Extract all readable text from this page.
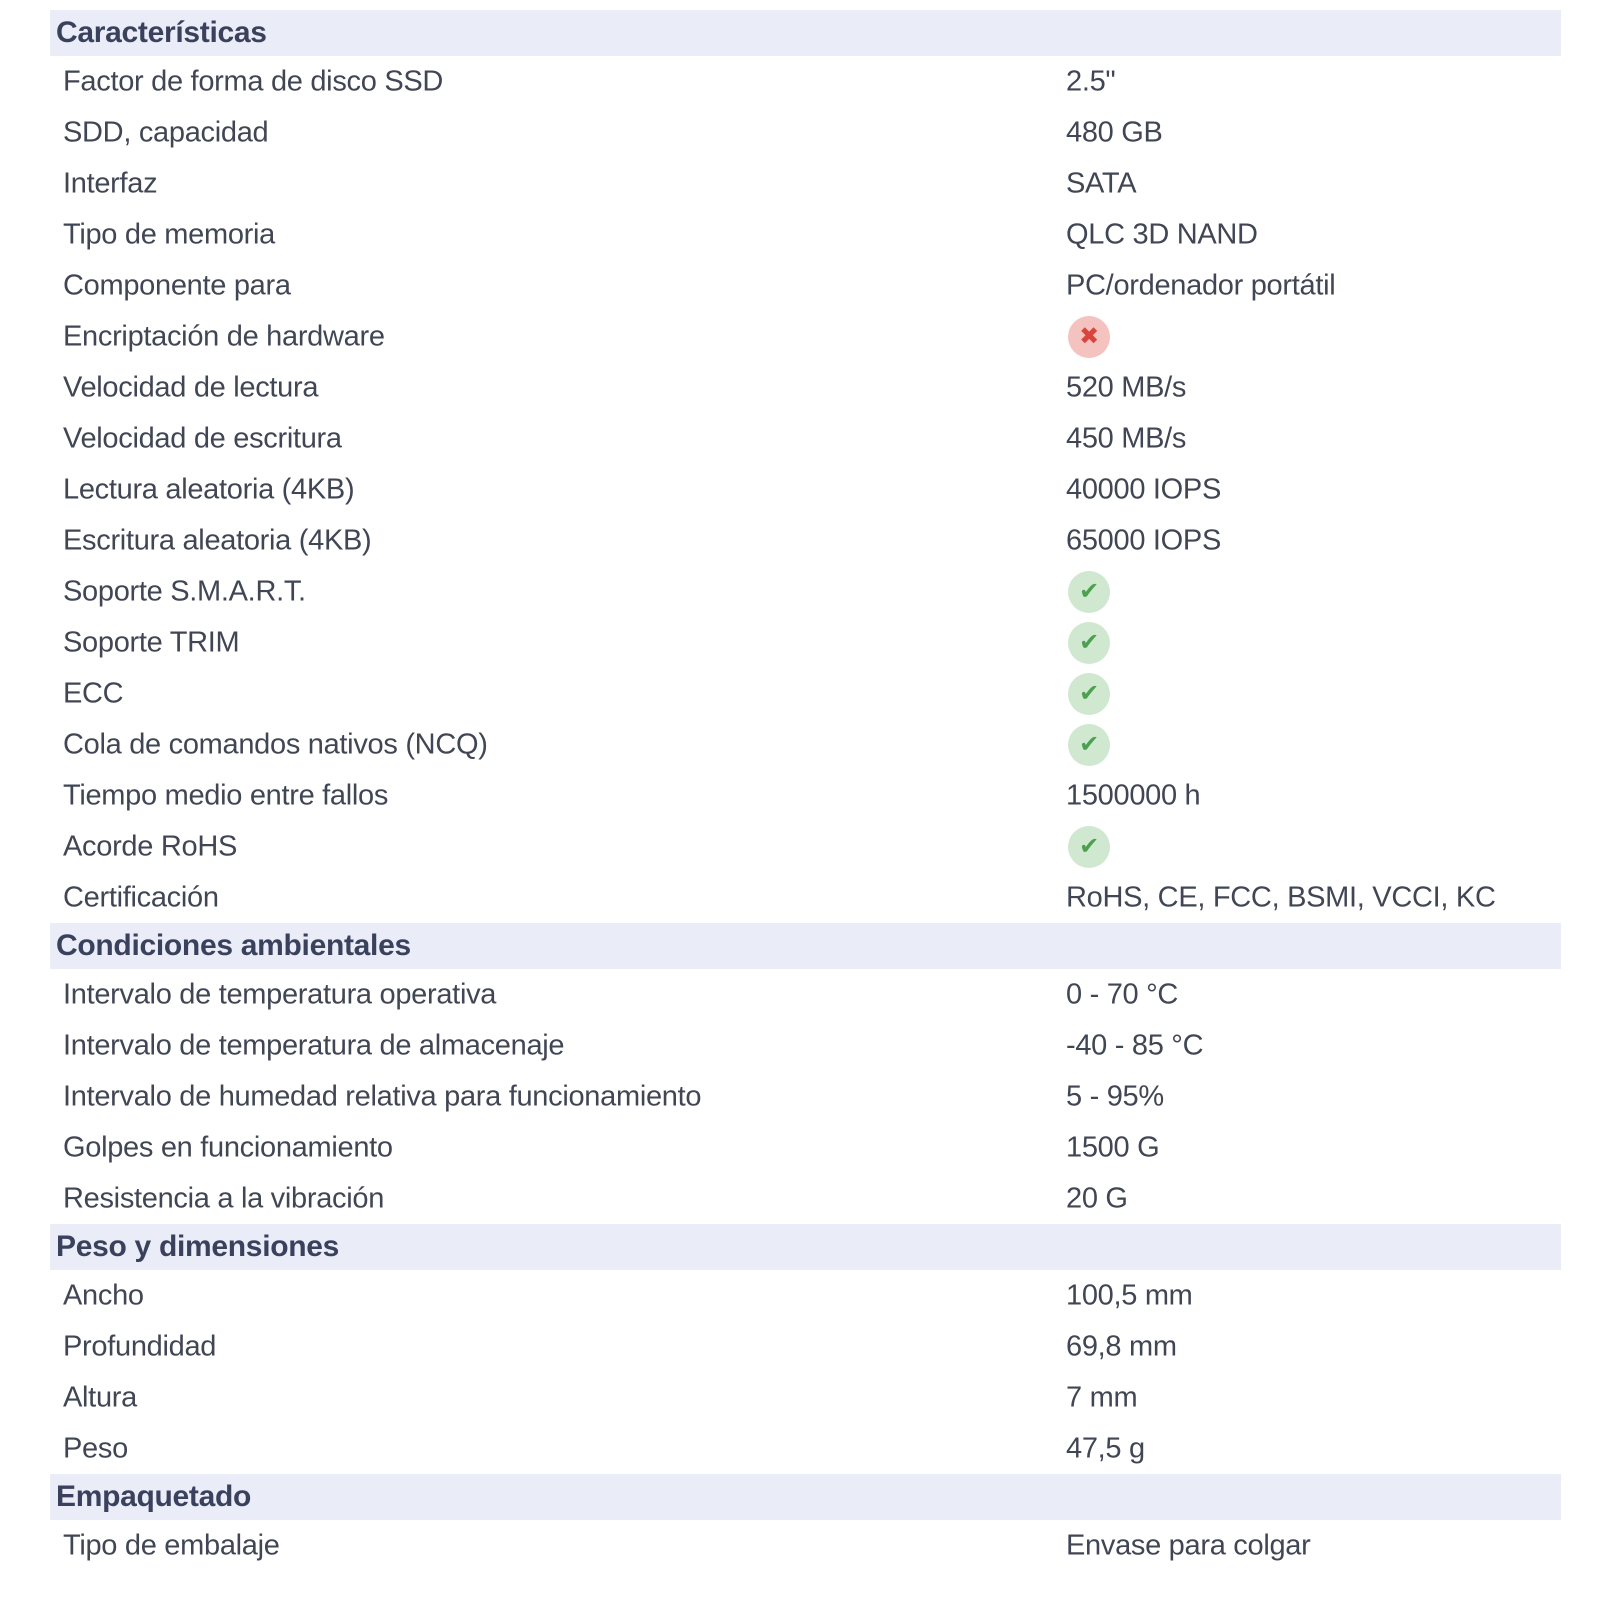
Características
Factor de forma de disco SSD	2.5"
SDD, capacidad	480 GB
Interfaz	SATA
Tipo de memoria	QLC 3D NAND
Componente para	PC/ordenador portátil
Encriptación de hardware	✖
Velocidad de lectura	520 MB/s
Velocidad de escritura	450 MB/s
Lectura aleatoria (4KB)	40000 IOPS
Escritura aleatoria (4KB)	65000 IOPS
Soporte S.M.A.R.T.	✔
Soporte TRIM	✔
ECC	✔
Cola de comandos nativos (NCQ)	✔
Tiempo medio entre fallos	1500000 h
Acorde RoHS	✔
Certificación	RoHS, CE, FCC, BSMI, VCCI, KC
Condiciones ambientales
Intervalo de temperatura operativa	0 - 70 °C
Intervalo de temperatura de almacenaje	-40 - 85 °C
Intervalo de humedad relativa para funcionamiento	5 - 95%
Golpes en funcionamiento	1500 G
Resistencia a la vibración	20 G
Peso y dimensiones
Ancho	100,5 mm
Profundidad	69,8 mm
Altura	7 mm
Peso	47,5 g
Empaquetado
Tipo de embalaje	Envase para colgar
